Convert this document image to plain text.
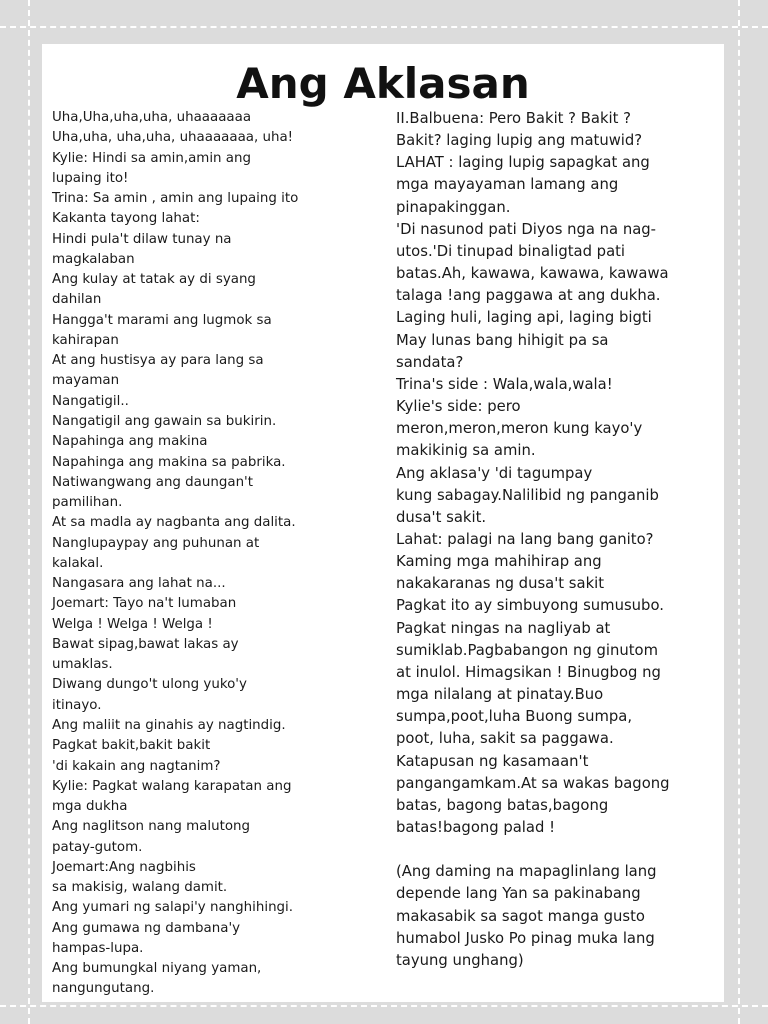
Ang Aklasan
Uha,Uha,uha,uha, uhaaaaaaa
Uha,uha, uha,uha, uhaaaaaaa, uha!
Kylie: Hindi sa amin,amin ang
lupaing ito!
Trina: Sa amin , amin ang lupaing ito
Kakanta tayong lahat:
Hindi pula't dilaw tunay na
magkalaban
Ang kulay at tatak ay di syang
dahilan
Hangga't marami ang lugmok sa
kahirapan
At ang hustisya ay para lang sa
mayaman
Nangatigil..
Nangatigil ang gawain sa bukirin.
Napahinga ang makina
Napahinga ang makina sa pabrika.
Natiwangwang ang daungan't
pamilihan.
At sa madla ay nagbanta ang dalita.
Nanglupaypay ang puhunan at
kalakal.
Nangasara ang lahat na...
Joemart: Tayo na't lumaban
Welga ! Welga ! Welga !
Bawat sipag,bawat lakas ay
umaklas.
Diwang dungo't ulong yuko'y
itinayo.
Ang maliit na ginahis ay nagtindig.
Pagkat bakit,bakit bakit
'di kakain ang nagtanim?
Kylie: Pagkat walang karapatan ang
mga dukha
Ang naglitson nang malutong
patay-gutom.
Joemart:Ang nagbihis
sa makisig, walang damit.
Ang yumari ng salapi'y nanghihingi.
Ang gumawa ng dambana'y
hampas-lupa.
Ang bumungkal niyang yaman,
nangungutang.
II.Balbuena: Pero Bakit ? Bakit ?
Bakit? laging lupig ang matuwid?
LAHAT : laging lupig sapagkat ang
mga mayayaman lamang ang
pinapakinggan.
'Di nasunod pati Diyos nga na nag-
utos.'Di tinupad binaligtad pati
batas.Ah, kawawa, kawawa, kawawa
talaga !ang paggawa at ang dukha.
Laging huli, laging api, laging bigti
May lunas bang hihigit pa sa
sandata?
Trina's side : Wala,wala,wala!
Kylie's side: pero
meron,meron,meron kung kayo'y
makikinig sa amin.
Ang aklasa'y 'di tagumpay
kung sabagay.Nalilibid ng panganib
dusa't sakit.
Lahat: palagi na lang bang ganito?
Kaming mga mahihirap ang
nakakaranas ng dusa't sakit
Pagkat ito ay simbuyong sumusubo.
Pagkat ningas na nagliyab at
sumiklab.Pagbabangon ng ginutom
at inulol. Himagsikan ! Binugbog ng
mga nilalang at pinatay.Buo
sumpa,poot,luha Buong sumpa,
poot, luha, sakit sa paggawa.
Katapusan ng kasamaan't
pangangamkam.At sa wakas bagong
batas, bagong batas,bagong
batas!bagong palad !
(Ang daming na mapaglinlang lang
depende lang Yan sa pakinabang
makasabik sa sagot manga gusto
humabol Jusko Po pinag muka lang
tayung unghang)
